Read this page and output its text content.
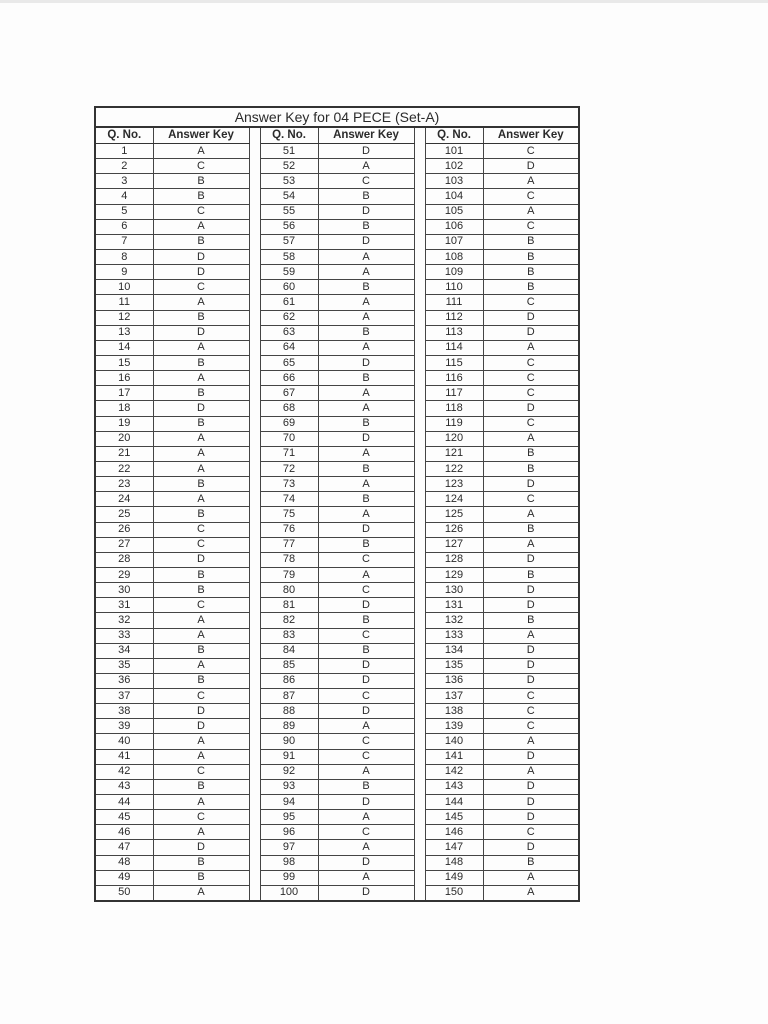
Answer Key for 04 PECE (Set-A)							
Q. No.	Answer Key		Q. No.	Answer Key		Q. No.	Answer Key
1	A		51	D		101	C
2	C		52	A		102	D
3	B		53	C		103	A
4	B		54	B		104	C
5	C		55	D		105	A
6	A		56	B		106	C
7	B		57	D		107	B
8	D		58	A		108	B
9	D		59	A		109	B
10	C		60	B		110	B
11	A		61	A		111	C
12	B		62	A		112	D
13	D		63	B		113	D
14	A		64	A		114	A
15	B		65	D		115	C
16	A		66	B		116	C
17	B		67	A		117	C
18	D		68	A		118	D
19	B		69	B		119	C
20	A		70	D		120	A
21	A		71	A		121	B
22	A		72	B		122	B
23	B		73	A		123	D
24	A		74	B		124	C
25	B		75	A		125	A
26	C		76	D		126	B
27	C		77	B		127	A
28	D		78	C		128	D
29	B		79	A		129	B
30	B		80	C		130	D
31	C		81	D		131	D
32	A		82	B		132	B
33	A		83	C		133	A
34	B		84	B		134	D
35	A		85	D		135	D
36	B		86	D		136	D
37	C		87	C		137	C
38	D		88	D		138	C
39	D		89	A		139	C
40	A		90	C		140	A
41	A		91	C		141	D
42	C		92	A		142	A
43	B		93	B		143	D
44	A		94	D		144	D
45	C		95	A		145	D
46	A		96	C		146	C
47	D		97	A		147	D
48	B		98	D		148	B
49	B		99	A		149	A
50	A		100	D		150	A
